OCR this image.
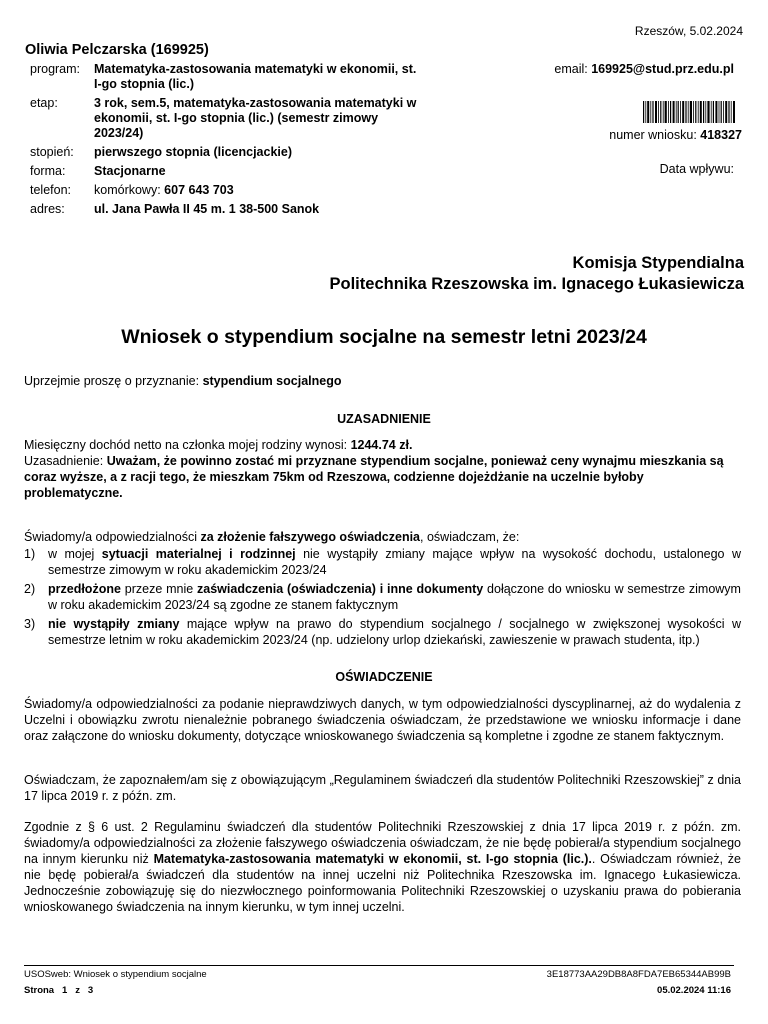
Rzeszów, 5.02.2024
Oliwia Pelczarska (169925)
program:	Matematyka-zastosowania matematyki w ekonomii, st. I-go stopnia (lic.)
etap:	3 rok, sem.5, matematyka-zastosowania matematyki w ekonomii, st. I-go stopnia (lic.) (semestr zimowy 2023/24)
stopień:	pierwszego stopnia (licencjackie)
forma:	Stacjonarne
telefon:	komórkowy: 607 643 703
adres:	ul. Jana Pawła II 45 m. 1 38-500 Sanok
email: 169925@stud.prz.edu.pl
numer wniosku: 418327
Data wpływu:
Komisja Stypendialna
Politechnika Rzeszowska im. Ignacego Łukasiewicza
Wniosek o stypendium socjalne na semestr letni 2023/24
Uprzejmie proszę o przyznanie: stypendium socjalnego
UZASADNIENIE
Miesięczny dochód netto na członka mojej rodziny wynosi: 1244.74 zł.
Uzasadnienie: Uważam, że powinno zostać mi przyznane stypendium socjalne, ponieważ ceny wynajmu mieszkania są coraz wyższe, a z racji tego, że mieszkam 75km od Rzeszowa, codzienne dojeżdżanie na uczelnie byłoby problematyczne.
Świadomy/a odpowiedzialności za złożenie fałszywego oświadczenia, oświadczam, że:
1)	w mojej sytuacji materialnej i rodzinnej nie wystąpiły zmiany mające wpływ na wysokość dochodu, ustalonego w semestrze zimowym w roku akademickim 2023/24
2)	przedłożone przeze mnie zaświadczenia (oświadczenia) i inne dokumenty dołączone do wniosku w semestrze zimowym w roku akademickim 2023/24 są zgodne ze stanem faktycznym
3)	nie wystąpiły zmiany mające wpływ na prawo do stypendium socjalnego / socjalnego w zwiększonej wysokości w semestrze letnim w roku akademickim 2023/24 (np. udzielony urlop dziekański, zawieszenie w prawach studenta, itp.)
OŚWIADCZENIE
Świadomy/a odpowiedzialności za podanie nieprawdziwych danych, w tym odpowiedzialności dyscyplinarnej, aż do wydalenia z Uczelni i obowiązku zwrotu nienależnie pobranego świadczenia oświadczam, że przedstawione we wniosku informacje i dane oraz załączone do wniosku dokumenty, dotyczące wnioskowanego świadczenia są kompletne i zgodne ze stanem faktycznym.
Oświadczam, że zapoznałem/am się z obowiązującym „Regulaminem świadczeń dla studentów Politechniki Rzeszowskiej” z dnia 17 lipca 2019 r. z późn. zm.
Zgodnie z § 6 ust. 2 Regulaminu świadczeń dla studentów Politechniki Rzeszowskiej z dnia 17 lipca 2019 r. z późn. zm. świadomy/a odpowiedzialności za złożenie fałszywego oświadczenia oświadczam, że nie będę pobierał/a stypendium socjalnego na innym kierunku niż Matematyka-zastosowania matematyki w ekonomii, st. I-go stopnia (lic.).. Oświadczam również, że nie będę pobierał/a świadczeń dla studentów na innej uczelni niż Politechnika Rzeszowska im. Ignacego Łukasiewicza. Jednocześnie zobowiązuję się do niezwłocznego poinformowania Politechniki Rzeszowskiej o uzyskaniu prawa do pobierania wnioskowanego świadczenia na innym kierunku, w tym innej uczelni.
USOSweb: Wniosek o stypendium socjalne	3E18773AA29DB8A8FDA7EB65344AB99B
Strona 1 z 3	05.02.2024 11:16
